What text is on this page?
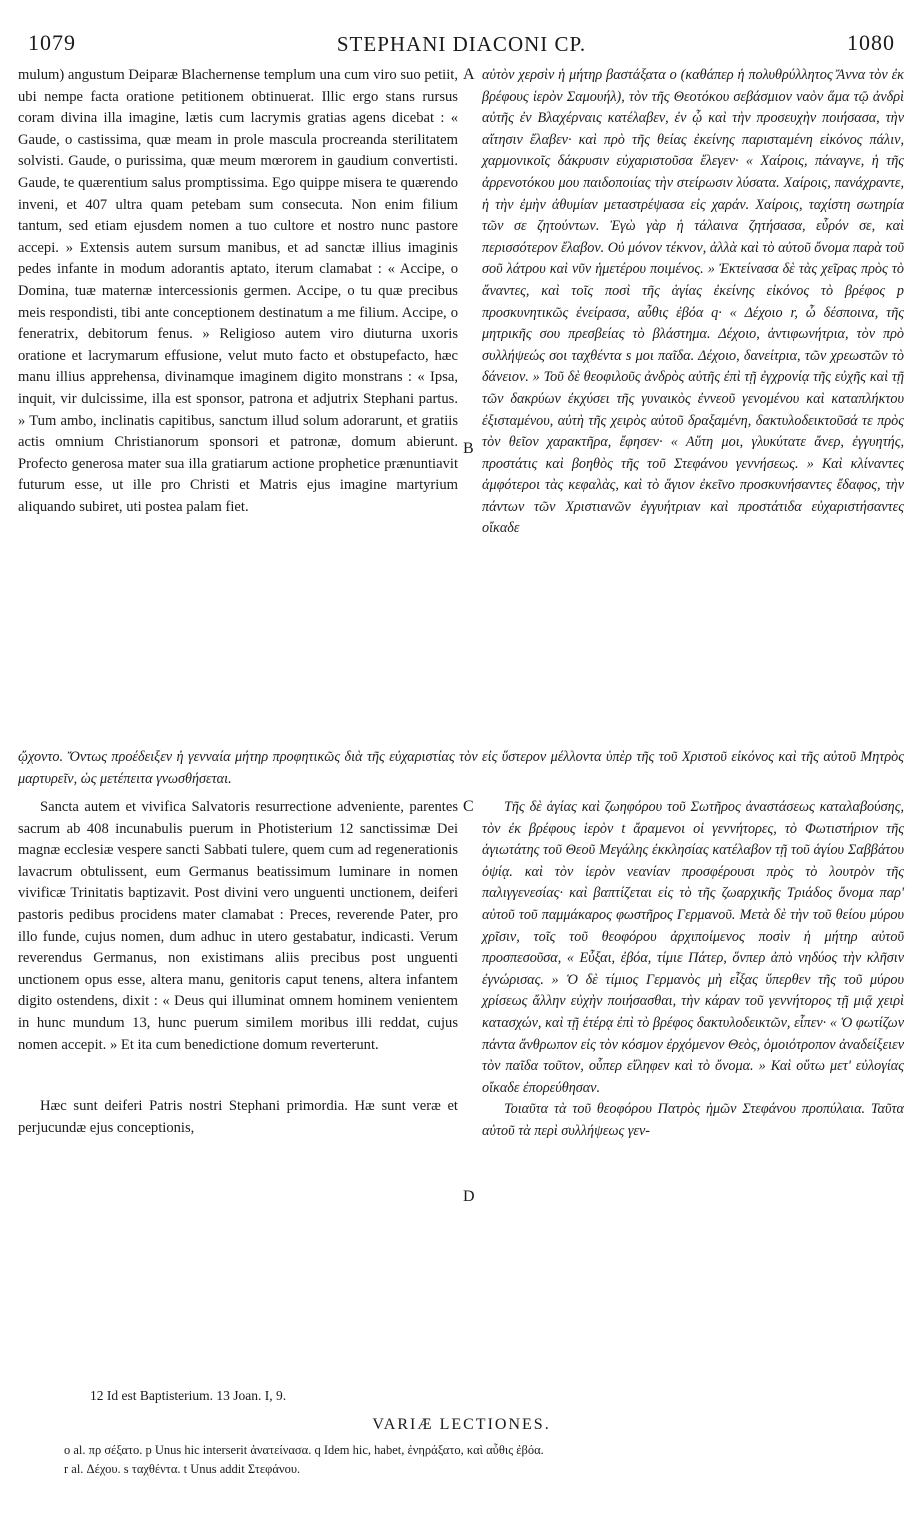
1079	STEPHANI DIACONI CP.	1080

mulum) angustum Deiparæ Blachernense templum una cum viro suo petiit, ubi nempe facta oratione petitionem obtinuerat. Illic ergo stans rursus coram divina illa imagine, lætis cum lacrymis gratias agens dicebat : « Gaude, o castissima, quæ meam in prole mascula procreanda sterilitatem solvisti. Gaude, o purissima, quæ meum mœrorem in gaudium convertisti. Gaude, te quærentium salus promptissima. Ego quippe misera te quærendo inveni, et 407 ultra quam petebam sum consecuta. Non enim filium tantum, sed etiam ejusdem nomen a tuo cultore et nostro nunc pastore accepi. » Extensis autem sursum manibus, et ad sanctæ illius imaginis pedes infante in modum adorantis aptato, iterum clamabat : « Accipe, o Domina, tuæ maternæ intercessionis germen. Accipe, o tu quæ precibus meis respondisti, tibi ante conceptionem destinatum a me filium. Accipe, o feneratrix, debitorum fenus. » Religioso autem viro diuturna uxoris oratione et lacrymarum effusione, velut muto facto et obstupefacto, hæc manu illius apprehensa, divinamque imaginem digito monstrans : « Ipsa, inquit, vir dulcissime, illa est sponsor, patrona et adjutrix Stephani partus. » Tum ambo, inclinatis capitibus, sanctum illud solum adorarunt, et gratiis actis omnium Christianorum sponsori et patronæ, domum abierunt. Profecto generosa mater sua illa gratiarum actione prophetice prænuntiavit futurum esse, ut ille pro Christi et Matris ejus imagine martyrium aliquando subiret, uti postea palam fiet.

αὐτὸν χερσὶν ἡ μήτηρ βαστάξατα ο (καθάπερ ἡ πολυθρύλλητος Ἄννα τὸν ἐκ βρέφους ἱερὸν Σαμουήλ), τὸν τῆς Θεοτόκου σεβάσμιον ναὸν ἅμα τῷ ἀνδρὶ αὐτῆς ἐν Βλαχέρναις κατέλαβεν, ἐν ᾧ καὶ τὴν προσευχὴν ποιήσασα, τὴν αἴτησιν ἔλαβεν· καὶ πρὸ τῆς θείας ἐκείνης παρισταμένη εἰκόνος πάλιν, χαρμονικοῖς δάκρυσιν εὐχαριστοῦσα ἔλεγεν· « Χαίροις, πάναγνε, ἡ τῆς ἀρρενοτόκου μου παιδοποιίας τὴν στείρωσιν λύσατα. Χαίροις, πανάχραντε, ἡ τὴν ἐμὴν ἀθυμίαν μεταστρέψασα εἰς χαράν. Χαίροις, ταχίστη σωτηρία τῶν σε ζητούντων. Ἐγὼ γὰρ ἡ τάλαινα ζητήσασα, εὗρόν σε, καὶ περισσότερον ἔλαβον. Οὐ μόνον τέκνον, ἀλλὰ καὶ τὸ αὐτοῦ ὄνομα παρὰ τοῦ σοῦ λάτρου καὶ νῦν ἡμετέρου ποιμένος. » Ἐκτείνασα δὲ τὰς χεῖρας πρὸς τὸ ἄναντες, καὶ τοῖς ποσὶ τῆς ἁγίας ἐκείνης εἰκόνος τὸ βρέφος p προσκυνητικῶς ἐνείρασα, αὖθις ἐβόα q· « Δέχοιο r, ὦ δέσποινα, τῆς μητρικῆς σου πρεσβείας τὸ βλάστημα. Δέχοιο, ἀντιφωνήτρια, τὸν πρὸ συλλήψεώς σοι ταχθέντα s μοι παῖδα. Δέχοιο, δανείτρια, τῶν χρεωστῶν τὸ δάνειον. » Τοῦ δὲ θεοφιλοῦς ἀνδρὸς αὐτῆς ἐπὶ τῇ ἐγχρονίᾳ τῆς εὐχῆς καὶ τῇ τῶν δακρύων ἐκχύσει τῆς γυναικὸς ἐννεοῦ γενομένου καὶ καταπλήκτου ἐξισταμένου, αὐτὴ τῆς χειρὸς αὐτοῦ δραξαμένη, δακτυλοδεικτοῦσά τε πρὸς τὸν θεῖον χαρακτῆρα, ἔφησεν· « Αὕτη μοι, γλυκύτατε ἄνερ, ἐγγυητής, προστάτις καὶ βοηθὸς τῆς τοῦ Στεφάνου γεννήσεως. » Καὶ κλίναντες ἀμφότεροι τὰς κεφαλὰς, καὶ τὸ ἅγιον ἐκεῖνο προσκυνήσαντες ἔδαφος, τὴν πάντων τῶν Χριστιανῶν ἐγγυήτριαν καὶ προστάτιδα εὐχαριστήσαντες οἴκαδε

ᾤχοντο. Ὄντως προέδειξεν ἡ γενναία μήτηρ προφητικῶς διὰ τῆς εὐχαριστίας τὸν εἰς ὕστερον μέλλοντα ὑπὲρ τῆς τοῦ Χριστοῦ εἰκόνος καὶ τῆς αὐτοῦ Μητρὸς μαρτυρεῖν, ὡς μετέπειτα γνωσθήσεται.

Sancta autem et vivifica Salvatoris resurrectione adveniente, parentes sacrum ab 408 incunabulis puerum in Photisterium 12 sanctissimæ Dei magnæ ecclesiæ vespere sancti Sabbati tulere, quem cum ad regenerationis lavacrum obtulissent, eum Germanus beatissimum luminare in nomen vivificæ Trinitatis baptizavit. Post divini vero unguenti unctionem, deiferi pastoris pedibus procidens mater clamabat : Preces, reverende Pater, pro illo funde, cujus nomen, dum adhuc in utero gestabatur, indicasti. Verum reverendus Germanus, non existimans aliis precibus post unguenti unctionem opus esse, altera manu, genitoris caput tenens, altera infantem digito ostendens, dixit : « Deus qui illuminat omnem hominem venientem in hunc mundum 13, hunc puerum similem moribus illi reddat, cujus nomen accepit. » Et ita cum benedictione domum reverterunt.

Hæc sunt deiferi Patris nostri Stephani primordia. Hæ sunt veræ et perjucundæ ejus conceptionis,

Τῆς δὲ ἁγίας καὶ ζωηφόρου τοῦ Σωτῆρος ἀναστάσεως καταλαβούσης, τὸν ἐκ βρέφους ἱερὸν t ἄραμενοι οἱ γεννήτορες, τὸ Φωτιστήριον τῆς ἁγιωτάτης τοῦ Θεοῦ Μεγάλης ἐκκλησίας κατέλαβον τῇ τοῦ ἁγίου Σαββάτου ὀψίᾳ. καὶ τὸν ἱερὸν νεανίαν προσφέρουσι πρὸς τὸ λουτρὸν τῆς παλιγγενεσίας· καὶ βαπτίζεται εἰς τὸ τῆς ζωαρχικῆς Τριάδος ὄνομα παρ' αὐτοῦ τοῦ παμμάκαρος φωστῆρος Γερμανοῦ. Μετὰ δὲ τὴν τοῦ θείου μύρου χρῖσιν, τοῖς τοῦ θεοφόρου ἀρχιποίμενος ποσὶν ἡ μήτηρ αὐτοῦ προσπεσοῦσα, « Εὖξαι, ἐβόα, τίμιε Πάτερ, ὅνπερ ἀπὸ νηδύος τὴν κλῆσιν ἐγνώρισας. » Ὁ δὲ τίμιος Γερμανὸς μὴ εἶξας ὕπερθεν τῆς τοῦ μύρου χρίσεως ἄλλην εὐχὴν ποιήσασθαι, τὴν κάραν τοῦ γεννήτορος τῇ μιᾷ χειρὶ κατασχών, καὶ τῇ ἑτέρᾳ ἐπὶ τὸ βρέφος δακτυλοδεικτῶν, εἶπεν· « Ὁ φωτίζων πάντα ἄνθρωπον εἰς τὸν κόσμον ἐρχόμενον Θεὸς, ὁμοιότροπον ἀναδείξειεν τὸν παῖδα τοῦτον, οὗπερ εἴληφεν καὶ τὸ ὄνομα. » Καὶ οὕτω μετ' εὐλογίας οἴκαδε ἐπορεύθησαν.

Τοιαῦτα τὰ τοῦ θεοφόρου Πατρὸς ἡμῶν Στεφάνου προπύλαια. Ταῦτα αὐτοῦ τὰ περὶ συλλήψεως γεν-

A
B
C
D
12 Id est Baptisterium. 13 Joan. I, 9.
VARIÆ LECTIONES.
o al. πρ σέξατο. p Unus hic interserit ἀνατείνασα. q Idem hic, habet, ἐνηράξατο, καὶ αὖθις ἐβόα.
r al. Δέχου. s ταχθέντα. t Unus addit Στεφάνου.
